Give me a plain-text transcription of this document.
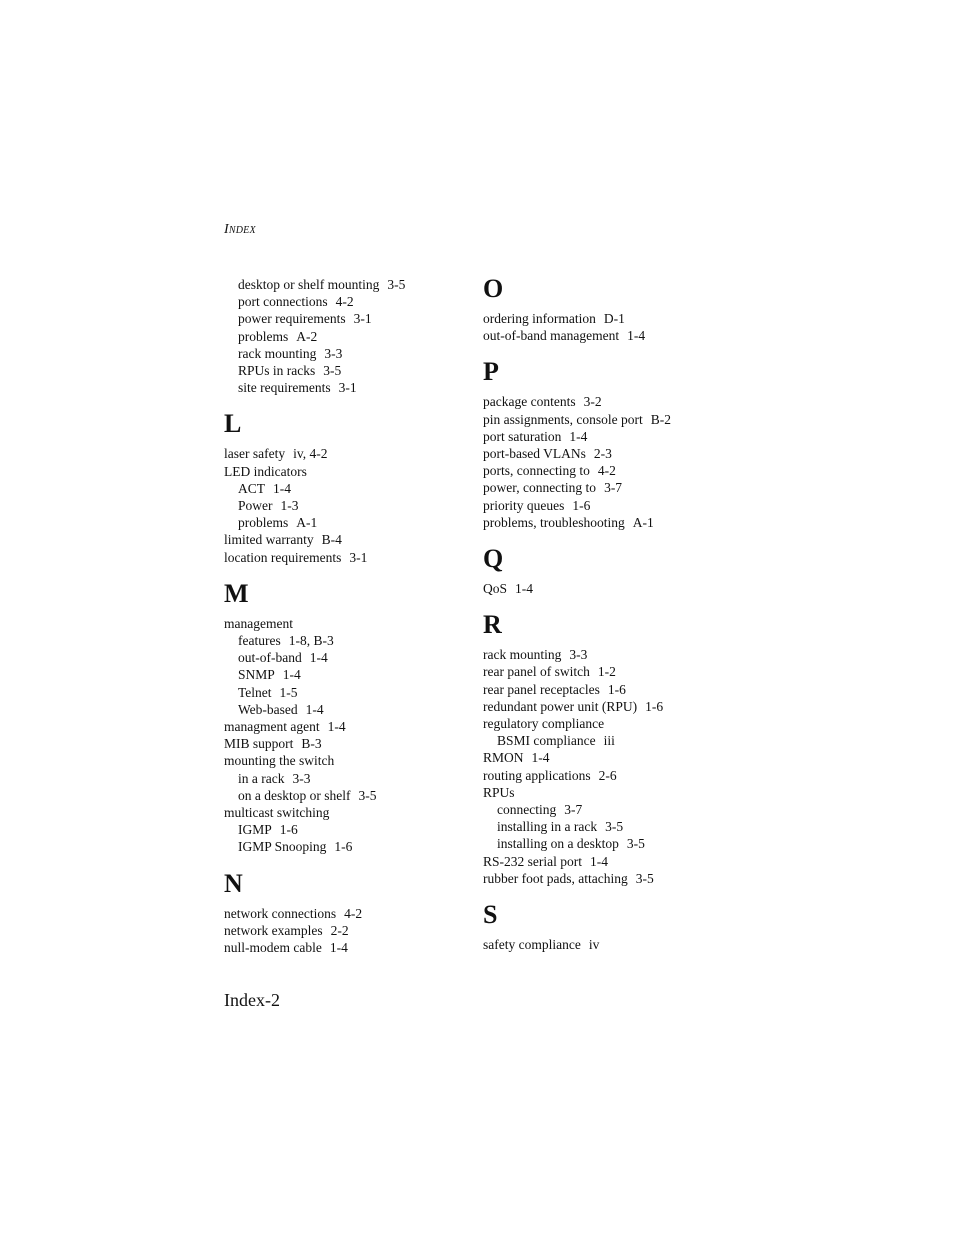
INDEX
desktop or shelf mounting 3-5
port connections 4-2
power requirements 3-1
problems A-2
rack mounting 3-3
RPUs in racks 3-5
site requirements 3-1
L
laser safety iv, 4-2
LED indicators
ACT 1-4
Power 1-3
problems A-1
limited warranty B-4
location requirements 3-1
M
management
features 1-8, B-3
out-of-band 1-4
SNMP 1-4
Telnet 1-5
Web-based 1-4
managment agent 1-4
MIB support B-3
mounting the switch
in a rack 3-3
on a desktop or shelf 3-5
multicast switching
IGMP 1-6
IGMP Snooping 1-6
N
network connections 4-2
network examples 2-2
null-modem cable 1-4
O
ordering information D-1
out-of-band management 1-4
P
package contents 3-2
pin assignments, console port B-2
port saturation 1-4
port-based VLANs 2-3
ports, connecting to 4-2
power, connecting to 3-7
priority queues 1-6
problems, troubleshooting A-1
Q
QoS 1-4
R
rack mounting 3-3
rear panel of switch 1-2
rear panel receptacles 1-6
redundant power unit (RPU) 1-6
regulatory compliance
BSMI compliance iii
RMON 1-4
routing applications 2-6
RPUs
connecting 3-7
installing in a rack 3-5
installing on a desktop 3-5
RS-232 serial port 1-4
rubber foot pads, attaching 3-5
S
safety compliance iv
Index-2
